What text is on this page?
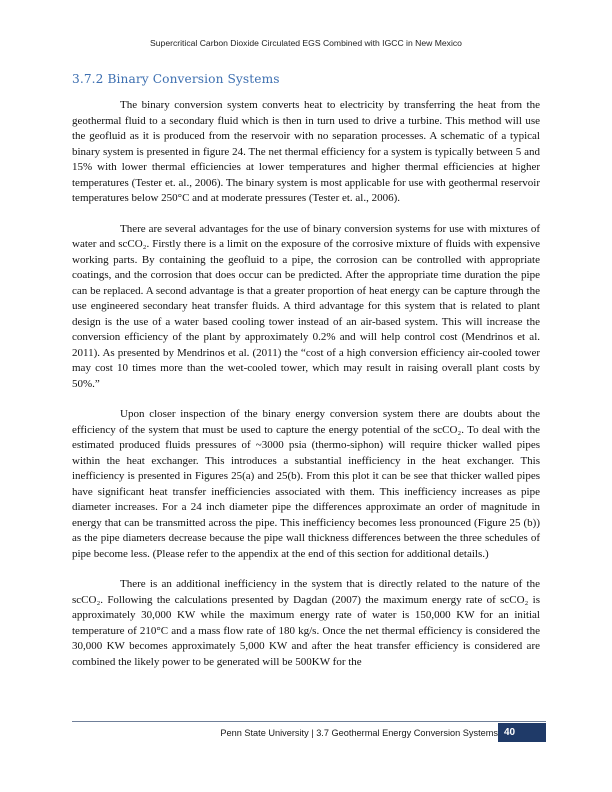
Supercritical Carbon Dioxide Circulated EGS Combined with IGCC in New Mexico
3.7.2 Binary Conversion Systems

The binary conversion system converts heat to electricity by transferring the heat from the geothermal fluid to a secondary fluid which is then in turn used to drive a turbine. This method will use the geofluid as it is produced from the reservoir with no separation processes. A schematic of a typical binary system is presented in figure 24. The net thermal efficiency for a system is typically between 5 and 15% with lower thermal efficiencies at lower temperatures and higher thermal efficiencies at higher temperatures (Tester et. al., 2006). The binary system is most applicable for use with geothermal reservoir temperatures below 250°C and at moderate pressures (Tester et. al., 2006).

There are several advantages for the use of binary conversion systems for use with mixtures of water and scCO₂. Firstly there is a limit on the exposure of the corrosive mixture of fluids with expensive working parts. By containing the geofluid to a pipe, the corrosion can be controlled with appropriate coatings, and the corrosion that does occur can be predicted. After the appropriate time duration the pipe can be replaced. A second advantage is that a greater proportion of heat energy can be capture through the use engineered secondary heat transfer fluids. A third advantage for this system that is related to plant design is the use of a water based cooling tower instead of an air-based system. This will increase the conversion efficiency of the plant by approximately 0.2% and will help control cost (Mendrinos et al. 2011). As presented by Mendrinos et al. (2011) the “cost of a high conversion efficiency air-cooled tower may cost 10 times more than the wet-cooled tower, which may result in raising overall plant costs by 50%.”

Upon closer inspection of the binary energy conversion system there are doubts about the efficiency of the system that must be used to capture the energy potential of the scCO₂. To deal with the estimated produced fluids pressures of ~3000 psia (thermo-siphon) will require thicker walled pipes within the heat exchanger. This introduces a substantial inefficiency in the heat exchanger. This inefficiency is presented in Figures 25(a) and 25(b). From this plot it can be see that thicker walled pipes have significant heat transfer inefficiencies associated with them. This inefficiency increases as pipe diameter increases. For a 24 inch diameter pipe the differences approximate an order of magnitude in energy that can be transmitted across the pipe. This inefficiency becomes less pronounced (Figure 25 (b)) as the pipe diameters decrease because the pipe wall thickness differences between the three schedules of pipe become less. (Please refer to the appendix at the end of this section for additional details.)

There is an additional inefficiency in the system that is directly related to the nature of the scCO₂. Following the calculations presented by Dagdan (2007) the maximum energy rate of scCO₂ is approximately 30,000 KW while the maximum energy rate of water is 150,000 KW for an initial temperature of 210°C and a mass flow rate of 180 kg/s. Once the net thermal efficiency is considered the 30,000 KW becomes approximately 5,000 KW and after the heat transfer efficiency is considered are combined the likely power to be generated will be 500KW for the

Penn State University | 3.7 Geothermal Energy Conversion Systems 40
